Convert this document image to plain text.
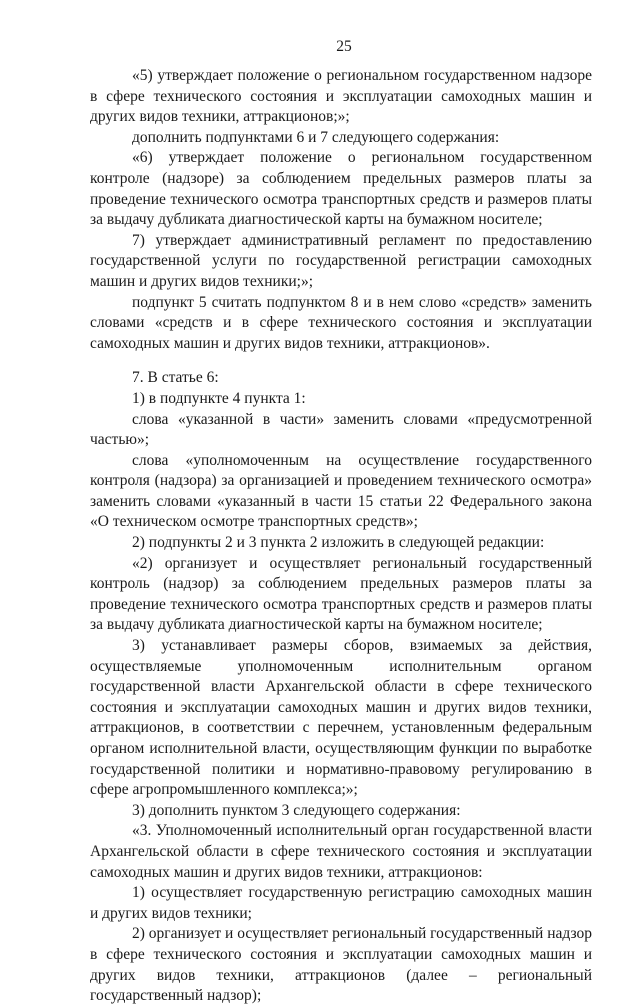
25

«5) утверждает положение о региональном государственном надзоре в сфере технического состояния и эксплуатации самоходных машин и других видов техники, аттракционов;»;

дополнить подпунктами 6 и 7 следующего содержания:

«6) утверждает положение о региональном государственном контроле (надзоре) за соблюдением предельных размеров платы за проведение технического осмотра транспортных средств и размеров платы за выдачу дубликата диагностической карты на бумажном носителе;

7) утверждает административный регламент по предоставлению государственной услуги по государственной регистрации самоходных машин и других видов техники;»;

подпункт 5 считать подпунктом 8 и в нем слово «средств» заменить словами «средств и в сфере технического состояния и эксплуатации самоходных машин и других видов техники, аттракционов».

7. В статье 6:

1) в подпункте 4 пункта 1:

слова «указанной в части» заменить словами «предусмотренной частью»;

слова «уполномоченным на осуществление государственного контроля (надзора) за организацией и проведением технического осмотра» заменить словами «указанный в части 15 статьи 22 Федерального закона «О техническом осмотре транспортных средств»;

2) подпункты 2 и 3 пункта 2 изложить в следующей редакции:

«2) организует и осуществляет региональный государственный контроль (надзор) за соблюдением предельных размеров платы за проведение технического осмотра транспортных средств и размеров платы за выдачу дубликата диагностической карты на бумажном носителе;

3) устанавливает размеры сборов, взимаемых за действия, осуществляемые уполномоченным исполнительным органом государственной власти Архангельской области в сфере технического состояния и эксплуатации самоходных машин и других видов техники, аттракционов, в соответствии с перечнем, установленным федеральным органом исполнительной власти, осуществляющим функции по выработке государственной политики и нормативно-правовому регулированию в сфере агропромышленного комплекса;»;

3) дополнить пунктом 3 следующего содержания:

«3. Уполномоченный исполнительный орган государственной власти Архангельской области в сфере технического состояния и эксплуатации самоходных машин и других видов техники, аттракционов:

1) осуществляет государственную регистрацию самоходных машин и других видов техники;

2) организует и осуществляет региональный государственный надзор в сфере технического состояния и эксплуатации самоходных машин и других видов техники, аттракционов (далее – региональный государственный надзор);
